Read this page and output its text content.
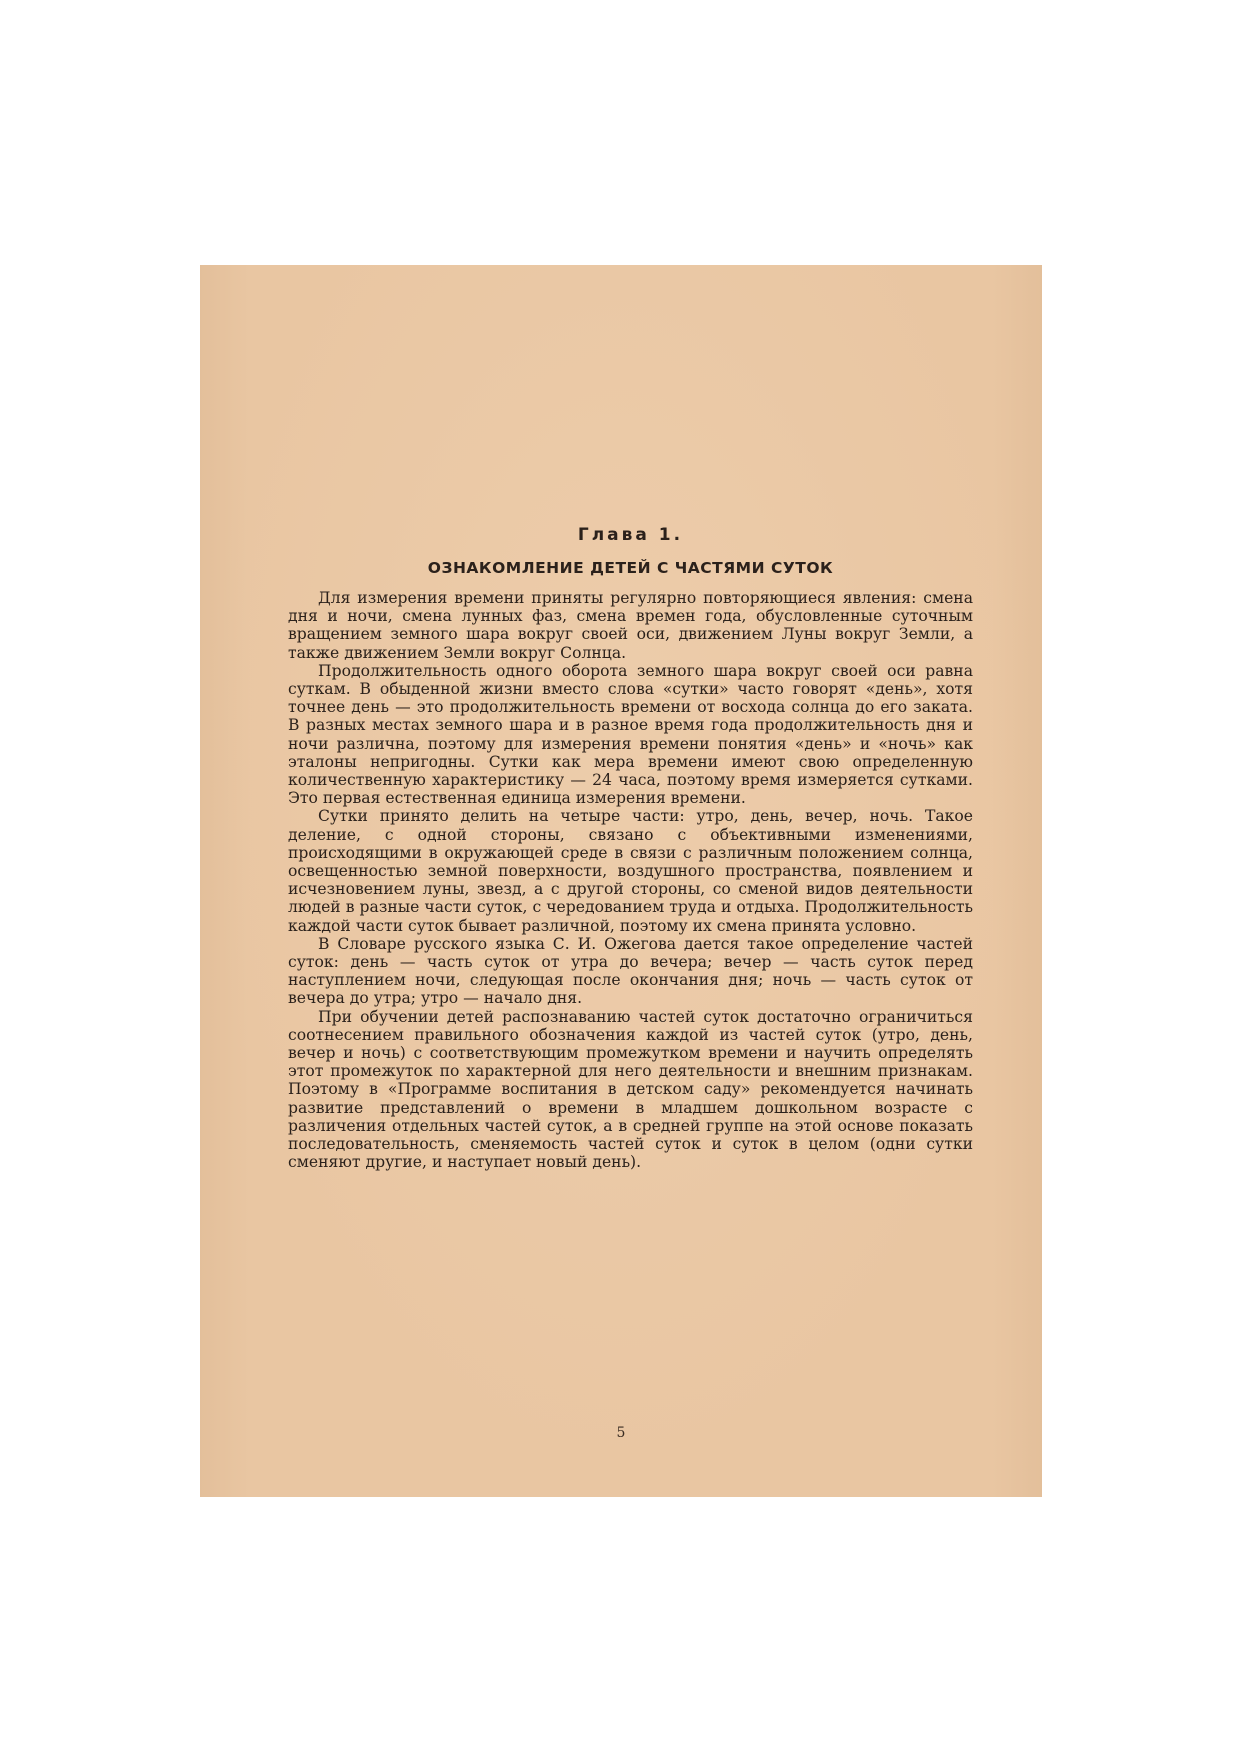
Глава 1.
ОЗНАКОМЛЕНИЕ ДЕТЕЙ С ЧАСТЯМИ СУТОК

Для измерения времени приняты регулярно повторяющиеся явления: смена дня и ночи, смена лунных фаз, смена времен года, обусловленные суточным вращением земного шара вокруг своей оси, движением Луны вокруг Земли, а также движением Земли вокруг Солнца.

Продолжительность одного оборота земного шара вокруг своей оси равна суткам. В обыденной жизни вместо слова «сутки» часто говорят «день», хотя точнее день — это продолжительность времени от восхода солнца до его заката. В разных местах земного шара и в разное время года продолжительность дня и ночи различна, поэтому для измерения времени понятия «день» и «ночь» как эталоны непригодны. Сутки как мера времени имеют свою определенную количественную характеристику — 24 часа, поэтому время измеряется сутками. Это первая естественная единица измерения времени.

Сутки принято делить на четыре части: утро, день, вечер, ночь. Такое деление, с одной стороны, связано с объективными изменениями, происходящими в окружающей среде в связи с различным положением солнца, освещенностью земной поверхности, воздушного пространства, появлением и исчезновением луны, звезд, а с другой стороны, со сменой видов деятельности людей в разные части суток, с чередованием труда и отдыха. Продолжительность каждой части суток бывает различной, поэтому их смена принята условно.

В Словаре русского языка С. И. Ожегова дается такое определение частей суток: день — часть суток от утра до вечера; вечер — часть суток перед наступлением ночи, следующая после окончания дня; ночь — часть суток от вечера до утра; утро — начало дня.

При обучении детей распознаванию частей суток достаточно ограничиться соотнесением правильного обозначения каждой из частей суток (утро, день, вечер и ночь) с соответствующим промежутком времени и научить определять этот промежуток по характерной для него деятельности и внешним признакам. Поэтому в «Программе воспитания в детском саду» рекомендуется начинать развитие представлений о времени в младшем дошкольном возрасте с различения отдельных частей суток, а в средней группе на этой основе показать последовательность, сменяемость частей суток и суток в целом (одни сутки сменяют другие, и наступает новый день).

5
